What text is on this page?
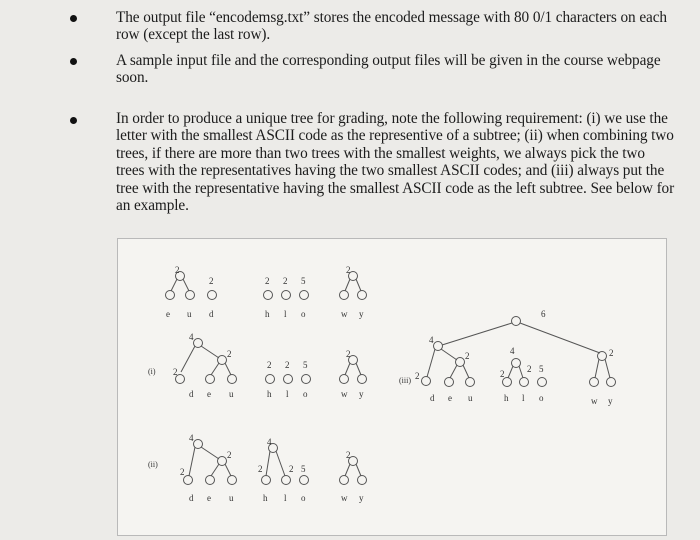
The output file “encodemsg.txt” stores the encoded message with 80 0/1 characters on each row (except the last row).
A sample input file and the corresponding output files will be given in the course webpage soon.
In order to produce a unique tree for grading, note the following requirement: (i) we use the letter with the smallest ASCII code as the representive of a subtree; (ii) when combining two trees, if there are more than two trees with the smallest weights, we always pick the two trees with the representatives having the two smallest ASCII codes; and (iii) always put the tree with the representative having the smallest ASCII code as the left subtree. See below for an example.
2
2
e u d
2 2 5
h l o
2
w y
(i)
4
2
2
d e u
2 2 5
h l o
2
w y
(ii)
4
2
2
d e u
4
2	2 5
h l o
2
w y
(iii)
4
2
2
d e u
4
2	2 5
h l o
6
2
w y
